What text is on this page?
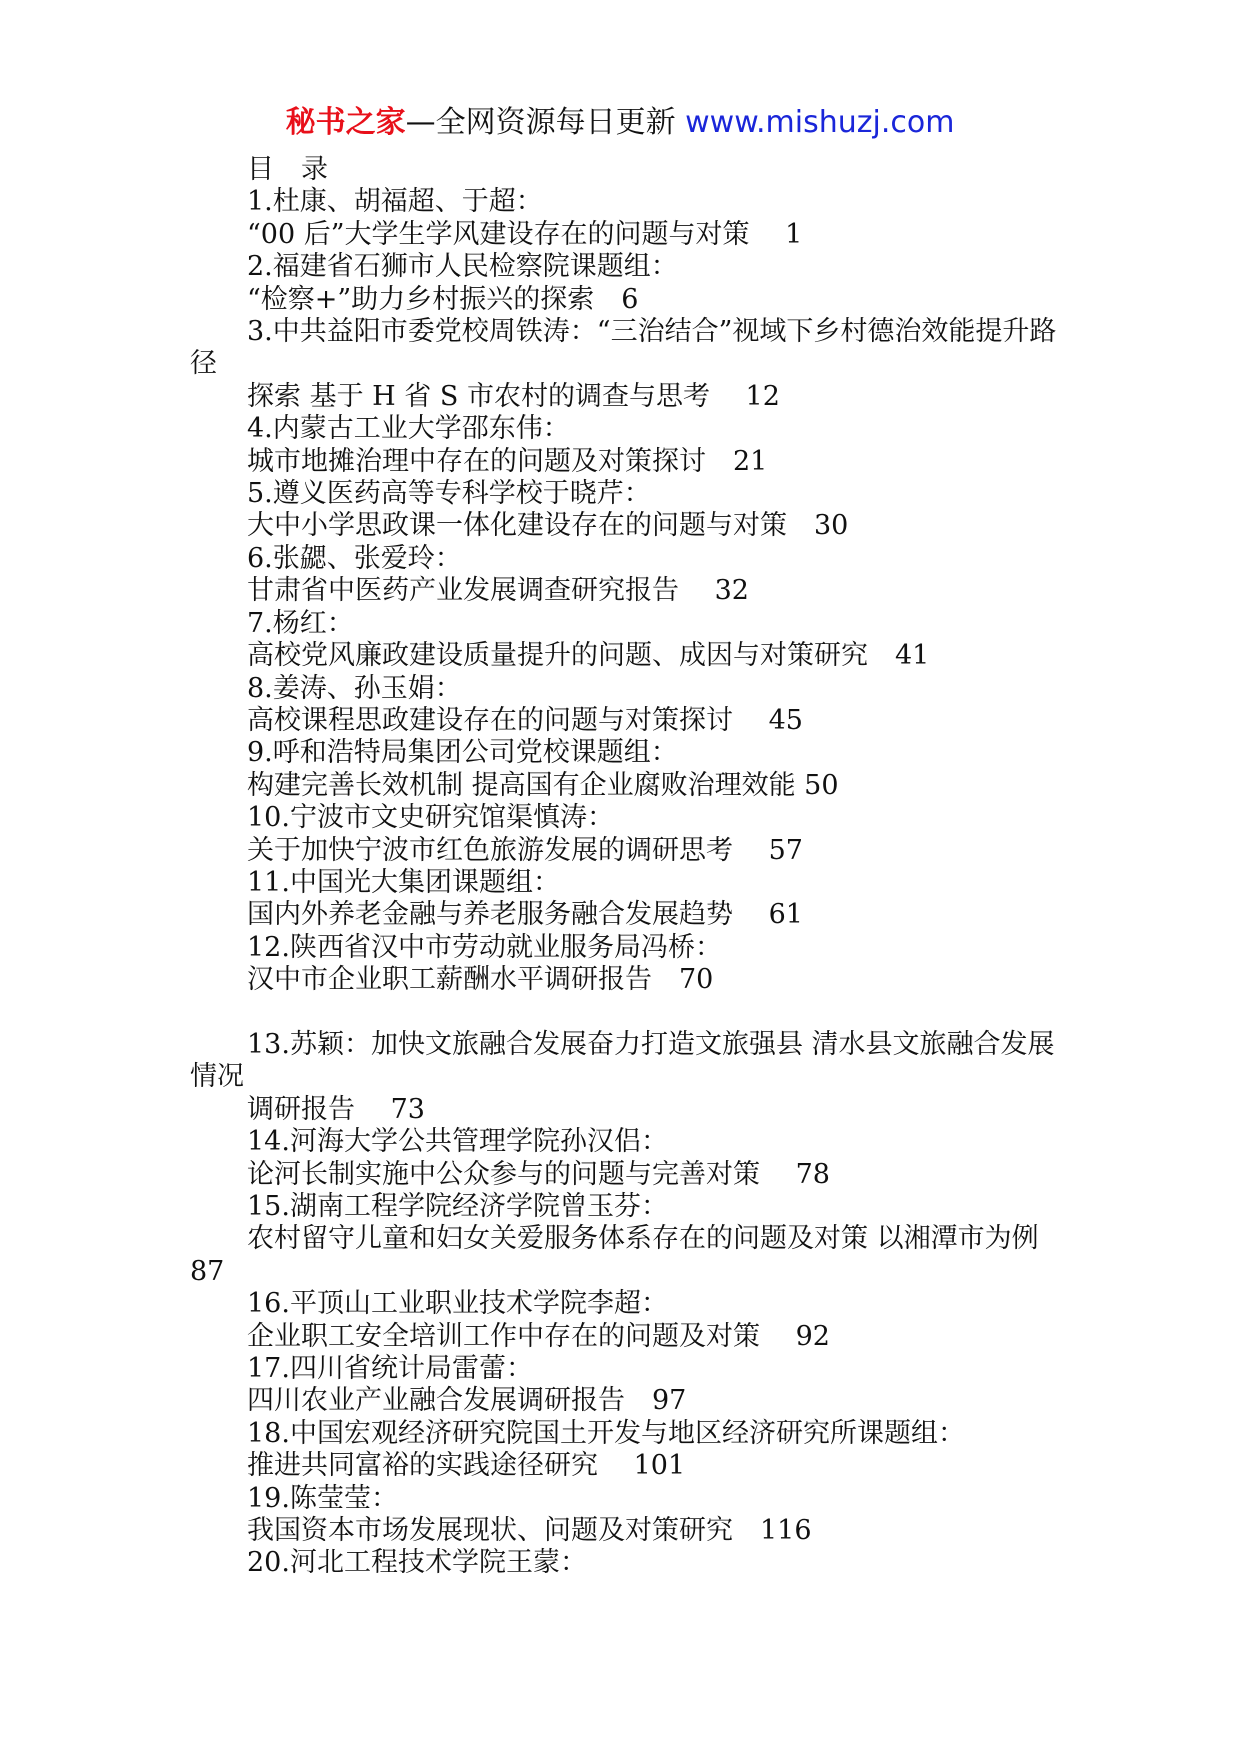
秘书之家—全网资源每日更新 www.mishuzj.com
目　录
1.杜康、胡福超、于超：
“00 后”大学生学风建设存在的问题与对策　 1
2.福建省石狮市人民检察院课题组：
“检察+”助力乡村振兴的探索　6
3.中共益阳市委党校周铁涛：“三治结合”视域下乡村德治效能提升路径
探索 基于 H 省 S 市农村的调查与思考　 12
4.内蒙古工业大学邵东伟：
城市地摊治理中存在的问题及对策探讨　21
5.遵义医药高等专科学校于晓芹：
大中小学思政课一体化建设存在的问题与对策　30
6.张勰、张爱玲：
甘肃省中医药产业发展调查研究报告　 32
7.杨红：
高校党风廉政建设质量提升的问题、成因与对策研究　41
8.姜涛、孙玉娟：
高校课程思政建设存在的问题与对策探讨　 45
9.呼和浩特局集团公司党校课题组：
构建完善长效机制 提高国有企业腐败治理效能 50
10.宁波市文史研究馆渠慎涛：
关于加快宁波市红色旅游发展的调研思考　 57
11.中国光大集团课题组：
国内外养老金融与养老服务融合发展趋势　 61
12.陕西省汉中市劳动就业服务局冯桥：
汉中市企业职工薪酬水平调研报告　70
13.苏颖：加快文旅融合发展奋力打造文旅强县 清水县文旅融合发展情况
调研报告　 73
14.河海大学公共管理学院孙汉侣：
论河长制实施中公众参与的问题与完善对策　 78
15.湖南工程学院经济学院曾玉芬：
农村留守儿童和妇女关爱服务体系存在的问题及对策 以湘潭市为例 87
16.平顶山工业职业技术学院李超：
企业职工安全培训工作中存在的问题及对策　 92
17.四川省统计局雷蕾：
四川农业产业融合发展调研报告　97
18.中国宏观经济研究院国土开发与地区经济研究所课题组：
推进共同富裕的实践途径研究　 101
19.陈莹莹：
我国资本市场发展现状、问题及对策研究　116
20.河北工程技术学院王蒙：
